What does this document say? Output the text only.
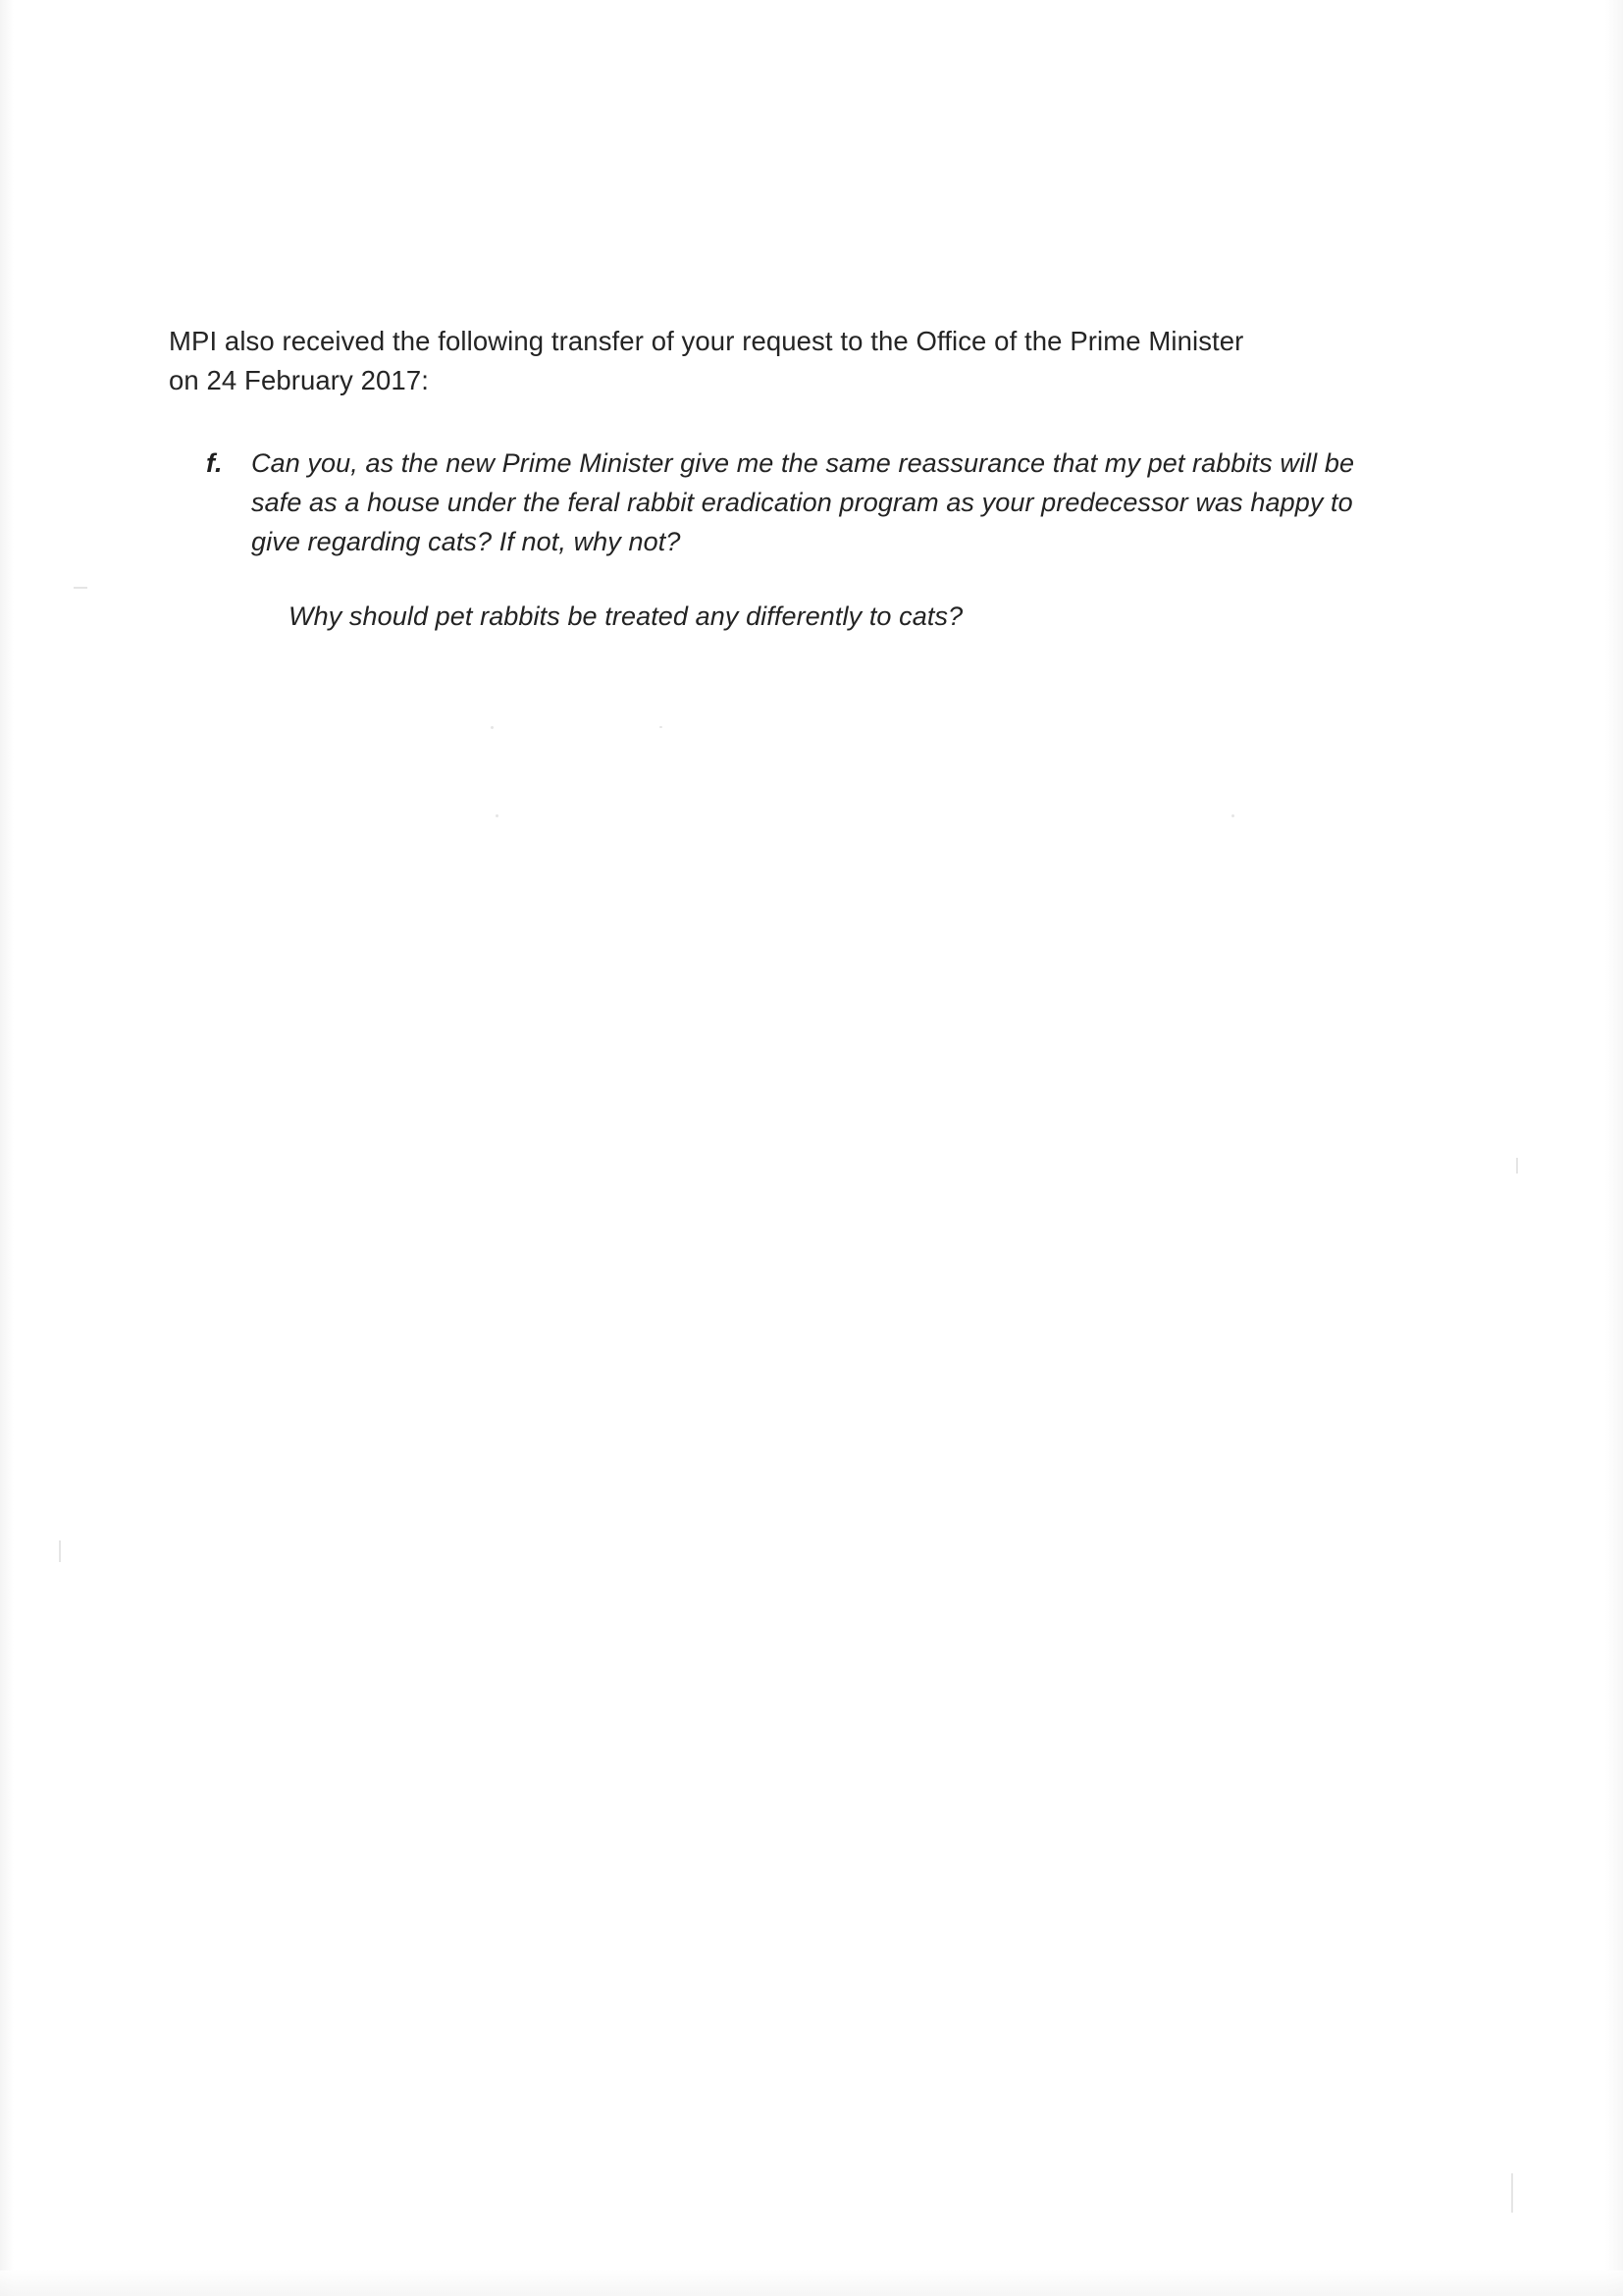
MPI also received the following transfer of your request to the Office of the Prime Minister on 24 February 2017:

f.	Can you, as the new Prime Minister give me the same reassurance that my pet rabbits will be safe as a house under the feral rabbit eradication program as your predecessor was happy to give regarding cats? If not, why not?

Why should pet rabbits be treated any differently to cats?
